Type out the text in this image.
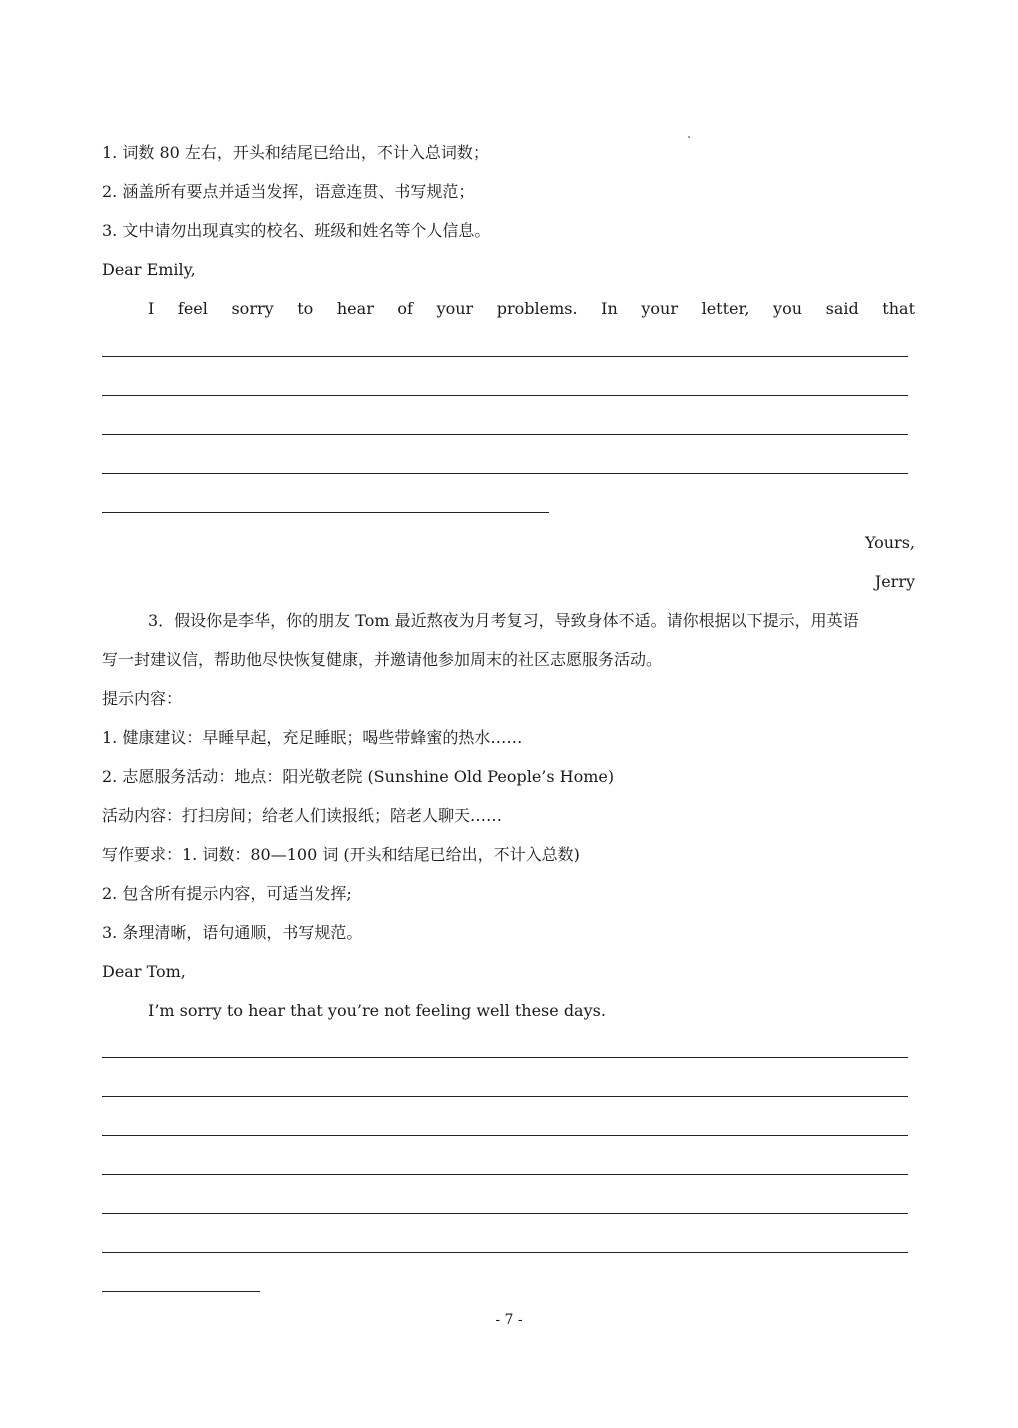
1. 词数 80 左右，开头和结尾已给出，不计入总词数；
2. 涵盖所有要点并适当发挥，语意连贯、书写规范；
3. 文中请勿出现真实的校名、班级和姓名等个人信息。
Dear Emily,
I feel sorry to hear of your problems. In your letter, you said that
Yours,
Jerry
3．假设你是李华，你的朋友 Tom 最近熬夜为月考复习，导致身体不适。请你根据以下提示，用英语
写一封建议信，帮助他尽快恢复健康，并邀请他参加周末的社区志愿服务活动。
提示内容：
1. 健康建议：早睡早起，充足睡眠；喝些带蜂蜜的热水……
2. 志愿服务活动：地点：阳光敬老院 (Sunshine Old People’s Home)
活动内容：打扫房间；给老人们读报纸；陪老人聊天……
写作要求：1. 词数：80—100 词 (开头和结尾已给出，不计入总数)
2. 包含所有提示内容，可适当发挥;
3. 条理清晰，语句通顺，书写规范。
Dear Tom,
I’m sorry to hear that you’re not feeling well these days.
- 7 -
